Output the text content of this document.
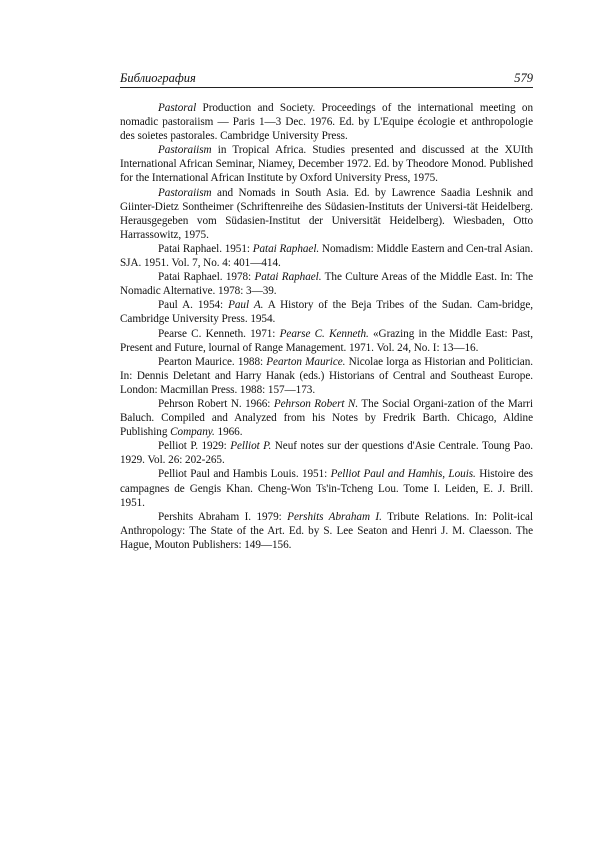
Библиография	579

Pastoral Production and Society. Proceedings of the international meeting on nomadic pastoraiism — Paris 1—3 Dec. 1976. Ed. by L'Equipe écologie et anthropologie des soietes pastorales. Cambridge University Press.

Pastoraiism in Tropical Africa. Studies presented and discussed at the XUIth International African Seminar, Niamey, December 1972. Ed. by Theodore Monod. Published for the International African Institute by Oxford University Press, 1975.

Pastoraiism and Nomads in South Asia. Ed. by Lawrence Saadia Leshnik and Giinter-Dietz Sontheimer (Schriftenreihe des Südasien-Instituts der Universi-tät Heidelberg. Herausgegeben vom Südasien-Institut der Universität Heidelberg). Wiesbaden, Otto Harrassowitz, 1975.

Patai Raphael. 1951: Patai Raphael. Nomadism: Middle Eastern and Cen-tral Asian. SJA. 1951. Vol. 7, No. 4: 401—414.

Patai Raphael. 1978: Patai Raphael. The Culture Areas of the Middle East. In: The Nomadic Alternative. 1978: 3—39.

Paul A. 1954: Paul A. A History of the Beja Tribes of the Sudan. Cam-bridge, Cambridge University Press. 1954.

Pearse C. Kenneth. 1971: Pearse C. Kenneth. «Grazing in the Middle East: Past, Present and Future, lournal of Range Management. 1971. Vol. 24, No. I: 13—16.

Pearton Maurice. 1988: Pearton Maurice. Nicolae lorga as Historian and Politician. In: Dennis Deletant and Harry Hanak (eds.) Historians of Central and Southeast Europe. London: Macmillan Press. 1988: 157—173.

Pehrson Robert N. 1966: Pehrson Robert N. The Social Organi-zation of the Marri Baluch. Compiled and Analyzed from his Notes by Fredrik Barth. Chicago, Aldine Publishing Company. 1966.

Pelliot P. 1929: Pelliot P. Neuf notes sur der questions d'Asie Centrale. Toung Pao. 1929. Vol. 26: 202-265.

Pelliot Paul and Hambis Louis. 1951: Pelliot Paul and Hamhis, Louis. Histoire des campagnes de Gengis Khan. Cheng-Won Ts'in-Tcheng Lou. Tome I. Leiden, E. J. Brill. 1951.

Pershits Abraham I. 1979: Pershits Abraham I. Tribute Relations. In: Polit-ical Anthropology: The State of the Art. Ed. by S. Lee Seaton and Henri J. M. Claesson. The Hague, Mouton Publishers: 149—156.
